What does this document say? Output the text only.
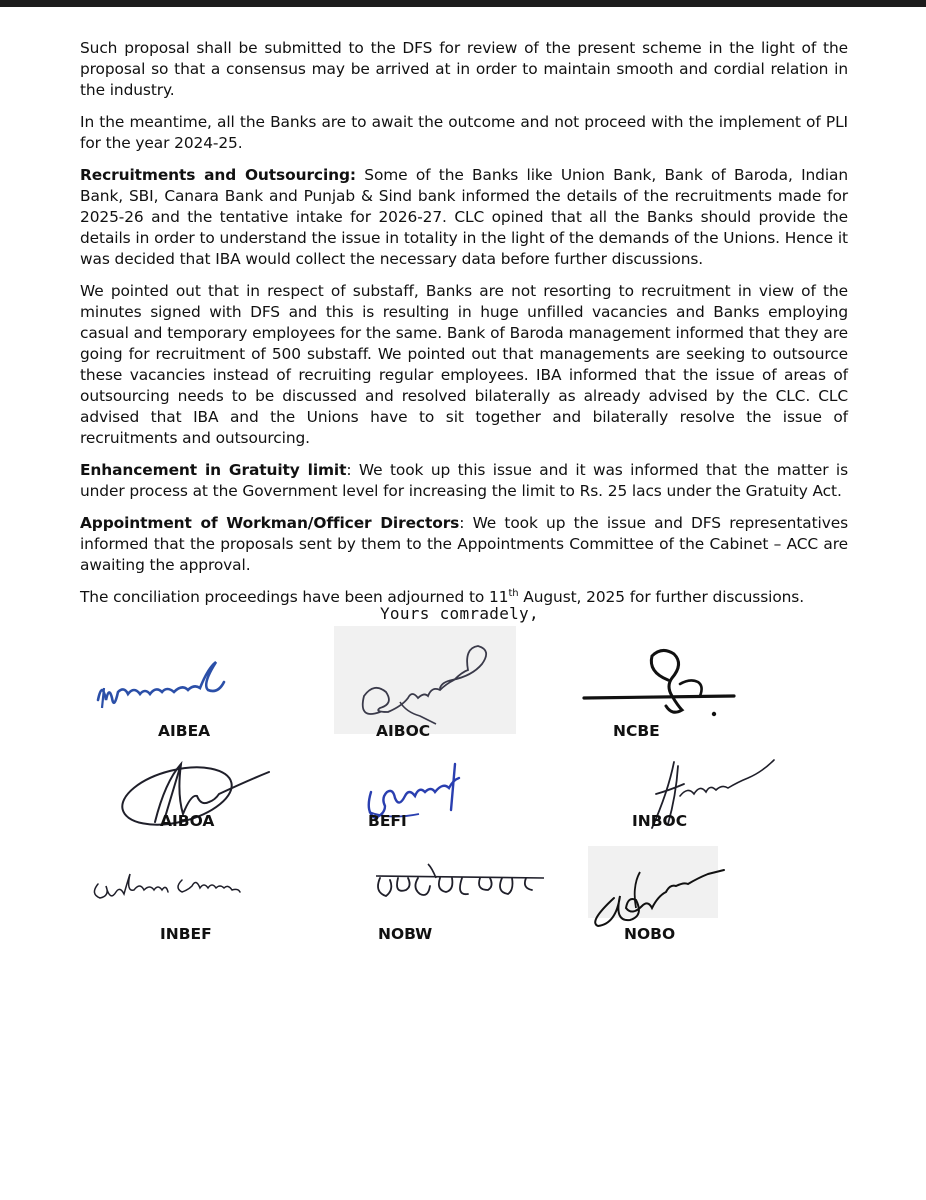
Such proposal shall be submitted to the DFS for review of the present scheme in the light of the proposal so that a consensus may be arrived at in order to maintain smooth and cordial relation in the industry.

In the meantime, all the Banks are to await the outcome and not proceed with the implement of PLI for the year 2024-25.

Recruitments and Outsourcing: Some of the Banks like Union Bank, Bank of Baroda, Indian Bank, SBI, Canara Bank and Punjab & Sind bank informed the details of the recruitments made for 2025-26 and the tentative intake for 2026-27. CLC opined that all the Banks should provide the details in order to understand the issue in totality in the light of the demands of the Unions. Hence it was decided that IBA would collect the necessary data before further discussions.

We pointed out that in respect of substaff, Banks are not resorting to recruitment in view of the minutes signed with DFS and this is resulting in huge unfilled vacancies and Banks employing casual and temporary employees for the same. Bank of Baroda management informed that they are going for recruitment of 500 substaff. We pointed out that managements are seeking to outsource these vacancies instead of recruiting regular employees. IBA informed that the issue of areas of outsourcing needs to be discussed and resolved bilaterally as already advised by the CLC. CLC advised that IBA and the Unions have to sit together and bilaterally resolve the issue of recruitments and outsourcing.

Enhancement in Gratuity limit: We took up this issue and it was informed that the matter is under process at the Government level for increasing the limit to Rs. 25 lacs under the Gratuity Act.

Appointment of Workman/Officer Directors: We took up the issue and DFS representatives informed that the proposals sent by them to the Appointments Committee of the Cabinet – ACC are awaiting the approval.

The conciliation proceedings have been adjourned to 11th August, 2025 for further discussions.

Yours comradely,
AIBEA	AIBOC	NCBE
AIBOA	BEFI	INBOC
INBEF	NOBW	NOBO
